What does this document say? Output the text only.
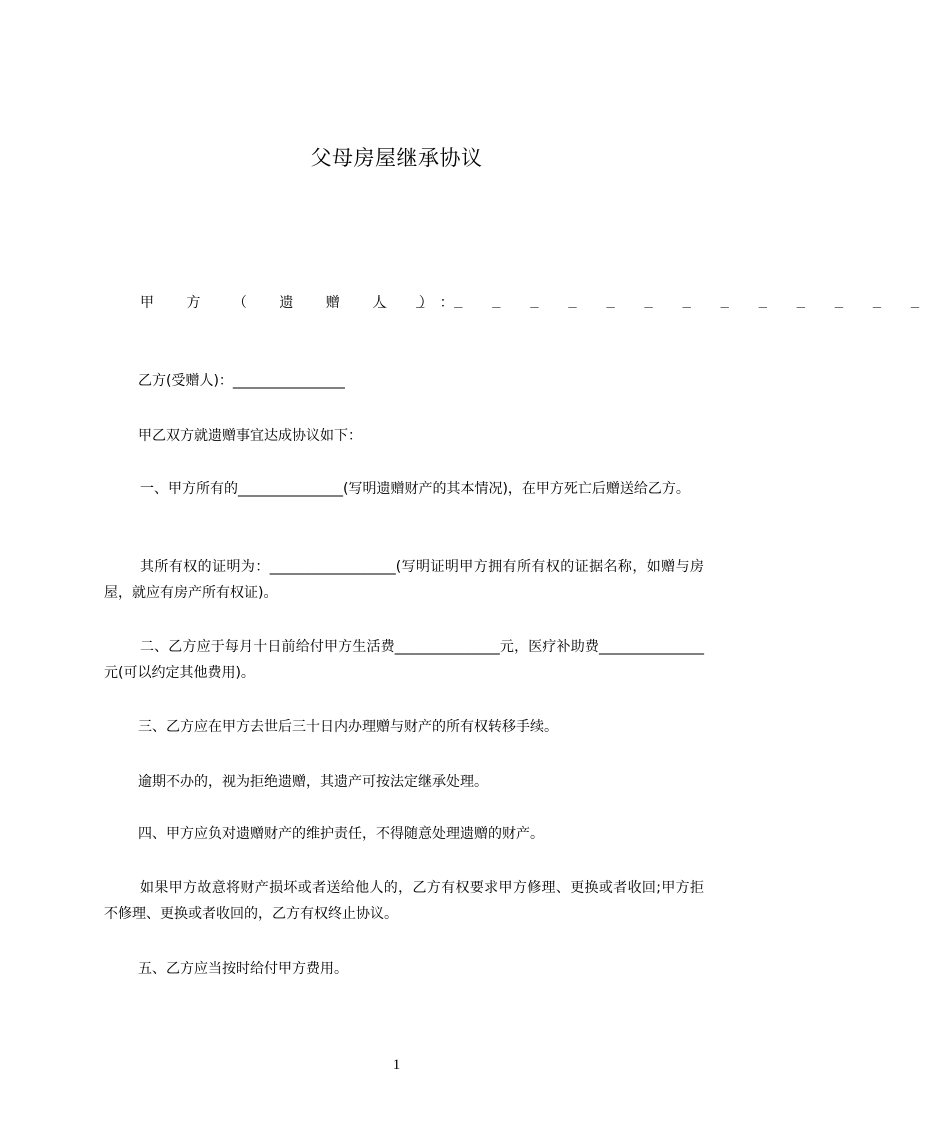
父母房屋继承协议
甲 方 （ 遗 赠 人 ）：
_ _ _ _ _ _ _ _ _ _ _ _ _ _ _
乙方(受赠人)：________________
甲乙双方就遗赠事宜达成协议如下：
一、甲方所有的_______________(写明遗赠财产的其本情况)，在甲方死亡后赠送给乙方。
其所有权的证明为：__________________(写明证明甲方拥有所有权的证据名称，如赠与房屋，就应有房产所有权证)。
二、乙方应于每月十日前给付甲方生活费_______________元，医疗补助费_______________元(可以约定其他费用)。
三、乙方应在甲方去世后三十日内办理赠与财产的所有权转移手续。
逾期不办的，视为拒绝遗赠，其遗产可按法定继承处理。
四、甲方应负对遗赠财产的维护责任，不得随意处理遗赠的财产。
如果甲方故意将财产损坏或者送给他人的，乙方有权要求甲方修理、更换或者收回;甲方拒不修理、更换或者收回的，乙方有权终止协议。
五、乙方应当按时给付甲方费用。
1
